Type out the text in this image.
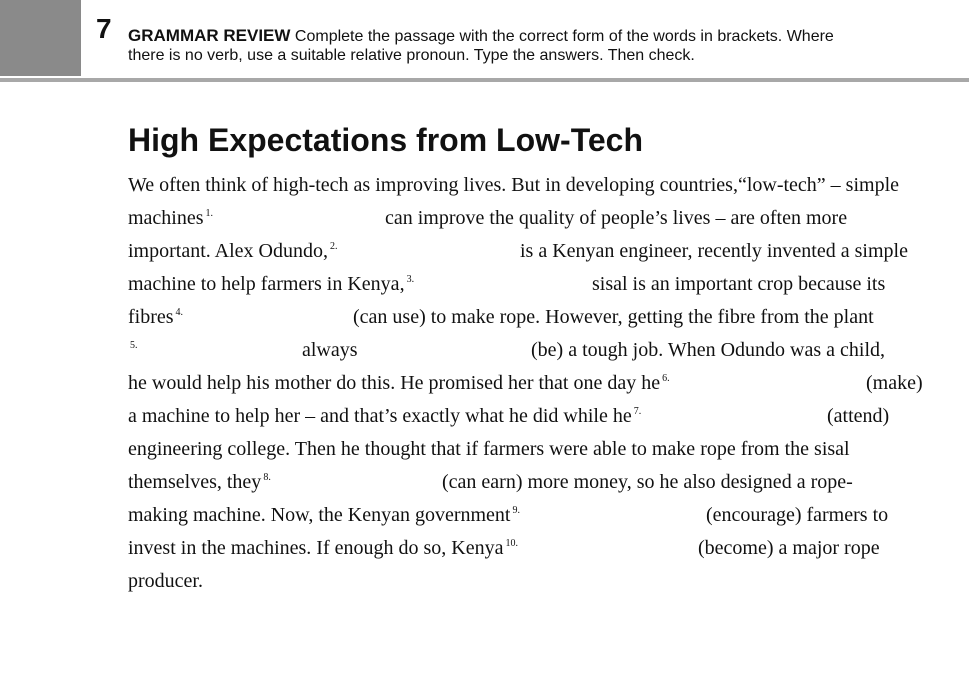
7 GRAMMAR REVIEW Complete the passage with the correct form of the words in brackets. Where
there is no verb, use a suitable relative pronoun. Type the answers. Then check.
High Expectations from Low-Tech
We often think of high-tech as improving lives. But in developing countries,“low-tech” – simple
machines $^{1.}$	can improve the quality of people’s lives – are often more
important. Alex Odundo, $^{2.}$	is a Kenyan engineer, recently invented a simple
machine to help farmers in Kenya, $^{3.}$	sisal is an important crop because its
fibres $^{4.}$	(can use) to make rope. However, getting the fibre from the plant
$^{5.}$	always	(be) a tough job. When Odundo was a child,
he would help his mother do this. He promised her that one day he $^{6.}$	(make)
a machine to help her – and that’s exactly what he did while he $^{7.}$	(attend)
engineering college. Then he thought that if farmers were able to make rope from the sisal
themselves, they $^{8.}$	(can earn) more money, so he also designed a rope-
making machine. Now, the Kenyan government $^{9.}$	(encourage) farmers to
invest in the machines. If enough do so, Kenya $^{10.}$	(become) a major rope
producer.
